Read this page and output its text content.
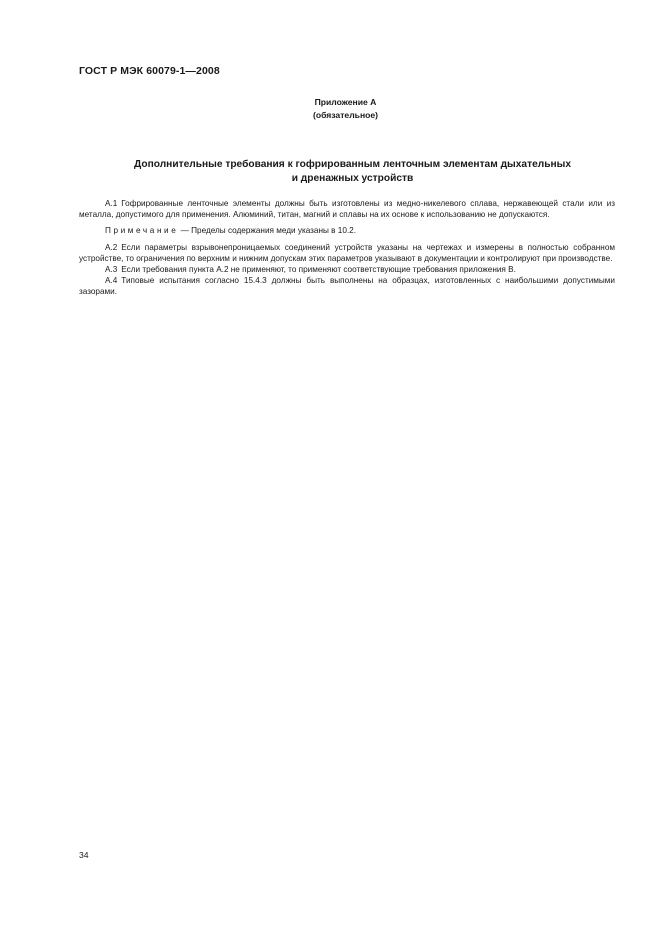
ГОСТ Р МЭК 60079-1—2008
Приложение А
(обязательное)
Дополнительные требования к гофрированным ленточным элементам дыхательных
и дренажных устройств

А.1 Гофрированные ленточные элементы должны быть изготовлены из медно-никелевого сплава, нержавеющей стали или из металла, допустимого для применения. Алюминий, титан, магний и сплавы на их основе к использованию не допускаются.

Примечание — Пределы содержания меди указаны в 10.2.

А.2 Если параметры взрывонепроницаемых соединений устройств указаны на чертежах и измерены в полностью собранном устройстве, то ограничения по верхним и нижним допускам этих параметров указывают в документации и контролируют при производстве.

А.3 Если требования пункта А.2 не применяют, то применяют соответствующие требования приложения В.

А.4 Типовые испытания согласно 15.4.3 должны быть выполнены на образцах, изготовленных с наибольшими допустимыми зазорами.

34
